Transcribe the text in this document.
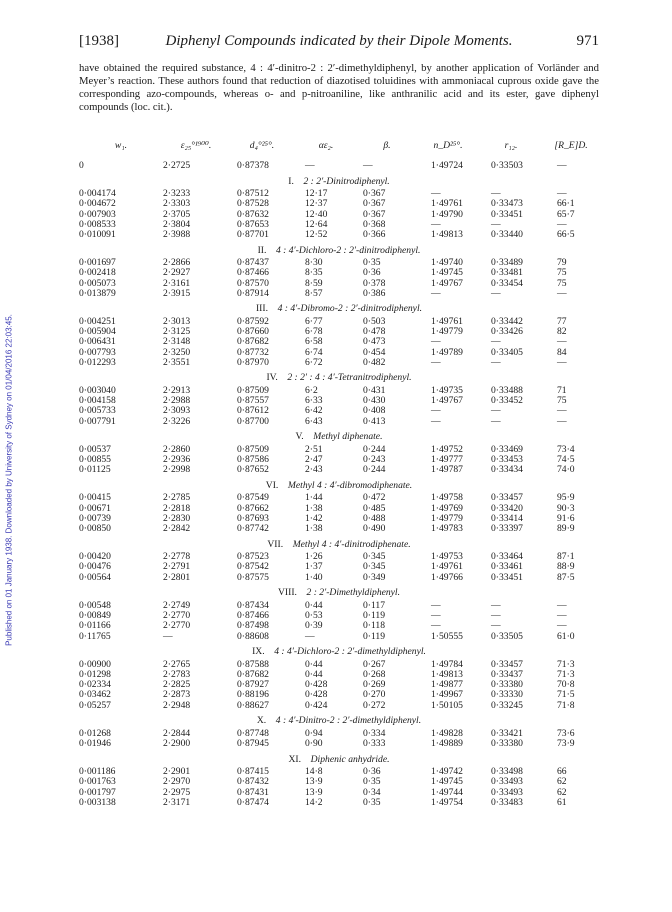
Published on 01 January 1938. Downloaded by University of Sydney on 01/04/2016 22:03:45.
[1938]	Diphenyl Compounds indicated by their Dipole Moments.	971

have obtained the required substance, 4 : 4′-dinitro-2 : 2′-dimethyldiphenyl, by another application of Vorländer and Meyer’s reaction. These authors found that reduction of diazotised toluidines with ammoniacal cuprous oxide gave the corresponding azo-compounds, whereas o- and p-nitroaniline, like anthranilic acid and its ester, gave diphenyl compounds (loc. cit.).

w₁.	ε₂₅°¹⁹⁰⁰.	d₄°²⁵°.	αε₂.	β.	n_D²⁵°.	r₁₂.	[R_E]D.
0	2·2725	0·87378	—	—	1·49724	0·33503	—
I.  2 : 2′-Dinitrodiphenyl.							
0·004174	2·3233	0·87512	12·17	0·367	—	—	—
0·004672	2·3303	0·87528	12·37	0·367	1·49761	0·33473	66·1
0·007903	2·3705	0·87632	12·40	0·367	1·49790	0·33451	65·7
0·008533	2·3804	0·87653	12·64	0·368	—	—	—
0·010091	2·3988	0·87701	12·52	0·366	1·49813	0·33440	66·5
II.  4 : 4′-Dichloro-2 : 2′-dinitrodiphenyl.							
0·001697	2·2866	0·87437	8·30	0·35	1·49740	0·33489	79
0·002418	2·2927	0·87466	8·35	0·36	1·49745	0·33481	75
0·005073	2·3161	0·87570	8·59	0·378	1·49767	0·33454	75
0·013879	2·3915	0·87914	8·57	0·386	—	—	—
III.  4 : 4′-Dibromo-2 : 2′-dinitrodiphenyl.							
0·004251	2·3013	0·87592	6·77	0·503	1·49761	0·33442	77
0·005904	2·3125	0·87660	6·78	0·478	1·49779	0·33426	82
0·006431	2·3148	0·87682	6·58	0·473	—	—	—
0·007793	2·3250	0·87732	6·74	0·454	1·49789	0·33405	84
0·012293	2·3551	0·87970	6·72	0·482	—	—	—
IV.  2 : 2′ : 4 : 4′-Tetranitrodiphenyl.							
0·003040	2·2913	0·87509	6·2	0·431	1·49735	0·33488	71
0·004158	2·2988	0·87557	6·33	0·430	1·49767	0·33452	75
0·005733	2·3093	0·87612	6·42	0·408	—	—	—
0·007791	2·3226	0·87700	6·43	0·413	—	—	—
V.  Methyl diphenate.							
0·00537	2·2860	0·87509	2·51	0·244	1·49752	0·33469	73·4
0·00855	2·2936	0·87586	2·47	0·243	1·49777	0·33453	74·5
0·01125	2·2998	0·87652	2·43	0·244	1·49787	0·33434	74·0
VI.  Methyl 4 : 4′-dibromodiphenate.							
0·00415	2·2785	0·87549	1·44	0·472	1·49758	0·33457	95·9
0·00671	2·2818	0·87662	1·38	0·485	1·49769	0·33420	90·3
0·00739	2·2830	0·87693	1·42	0·488	1·49779	0·33414	91·6
0·00850	2·2842	0·87742	1·38	0·490	1·49783	0·33397	89·9
VII.  Methyl 4 : 4′-dinitrodiphenate.							
0·00420	2·2778	0·87523	1·26	0·345	1·49753	0·33464	87·1
0·00476	2·2791	0·87542	1·37	0·345	1·49761	0·33461	88·9
0·00564	2·2801	0·87575	1·40	0·349	1·49766	0·33451	87·5
VIII.  2 : 2′-Dimethyldiphenyl.							
0·00548	2·2749	0·87434	0·44	0·117	—	—	—
0·00849	2·2770	0·87466	0·53	0·119	—	—	—
0·01166	2·2770	0·87498	0·39	0·118	—	—	—
0·11765	—	0·88608	—	0·119	1·50555	0·33505	61·0
IX.  4 : 4′-Dichloro-2 : 2′-dimethyldiphenyl.							
0·00900	2·2765	0·87588	0·44	0·267	1·49784	0·33457	71·3
0·01298	2·2783	0·87682	0·44	0·268	1·49813	0·33437	71·3
0·02334	2·2825	0·87927	0·428	0·269	1·49877	0·33380	70·8
0·03462	2·2873	0·88196	0·428	0·270	1·49967	0·33330	71·5
0·05257	2·2948	0·88627	0·424	0·272	1·50105	0·33245	71·8
X.  4 : 4′-Dinitro-2 : 2′-dimethyldiphenyl.							
0·01268	2·2844	0·87748	0·94	0·334	1·49828	0·33421	73·6
0·01946	2·2900	0·87945	0·90	0·333	1·49889	0·33380	73·9
XI.  Diphenic anhydride.							
0·001186	2·2901	0·87415	14·8	0·36	1·49742	0·33498	66
0·001763	2·2970	0·87432	13·9	0·35	1·49745	0·33493	62
0·001797	2·2975	0·87431	13·9	0·34	1·49744	0·33493	62
0·003138	2·3171	0·87474	14·2	0·35	1·49754	0·33483	61
